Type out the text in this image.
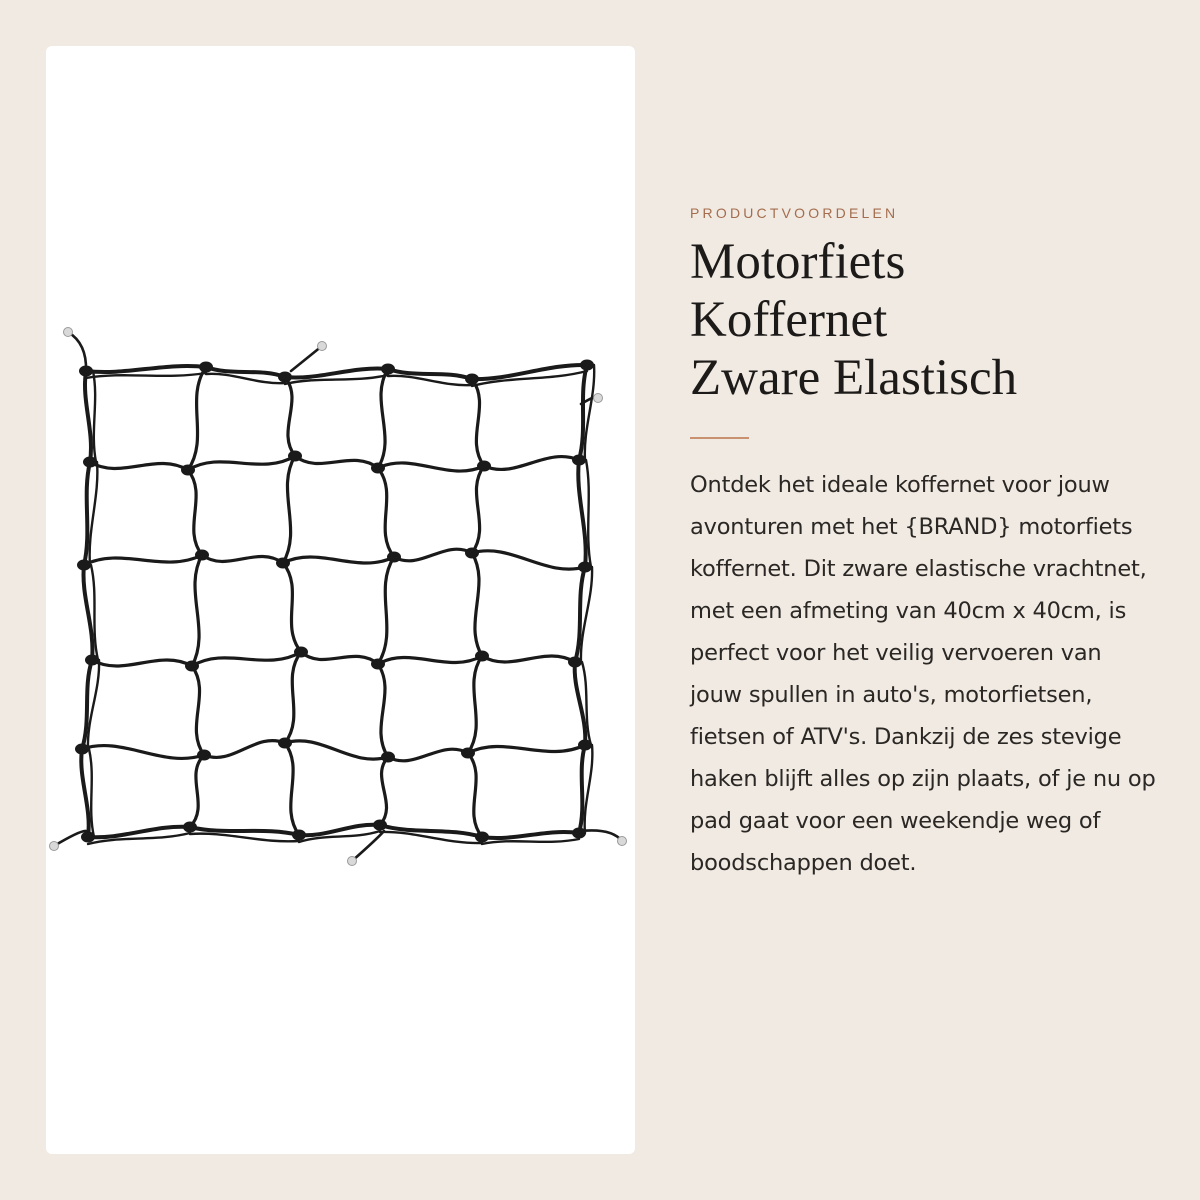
PRODUCTVOORDELEN

Motorfiets
Koffernet
Zware Elastisch

Ontdek het ideale koffernet voor jouw avonturen met het {BRAND} motorfiets koffernet. Dit zware elastische vrachtnet, met een afmeting van 40cm x 40cm, is perfect voor het veilig vervoeren van jouw spullen in auto's, motorfietsen, fietsen of ATV's. Dankzij de zes stevige haken blijft alles op zijn plaats, of je nu op pad gaat voor een weekendje weg of boodschappen doet.
